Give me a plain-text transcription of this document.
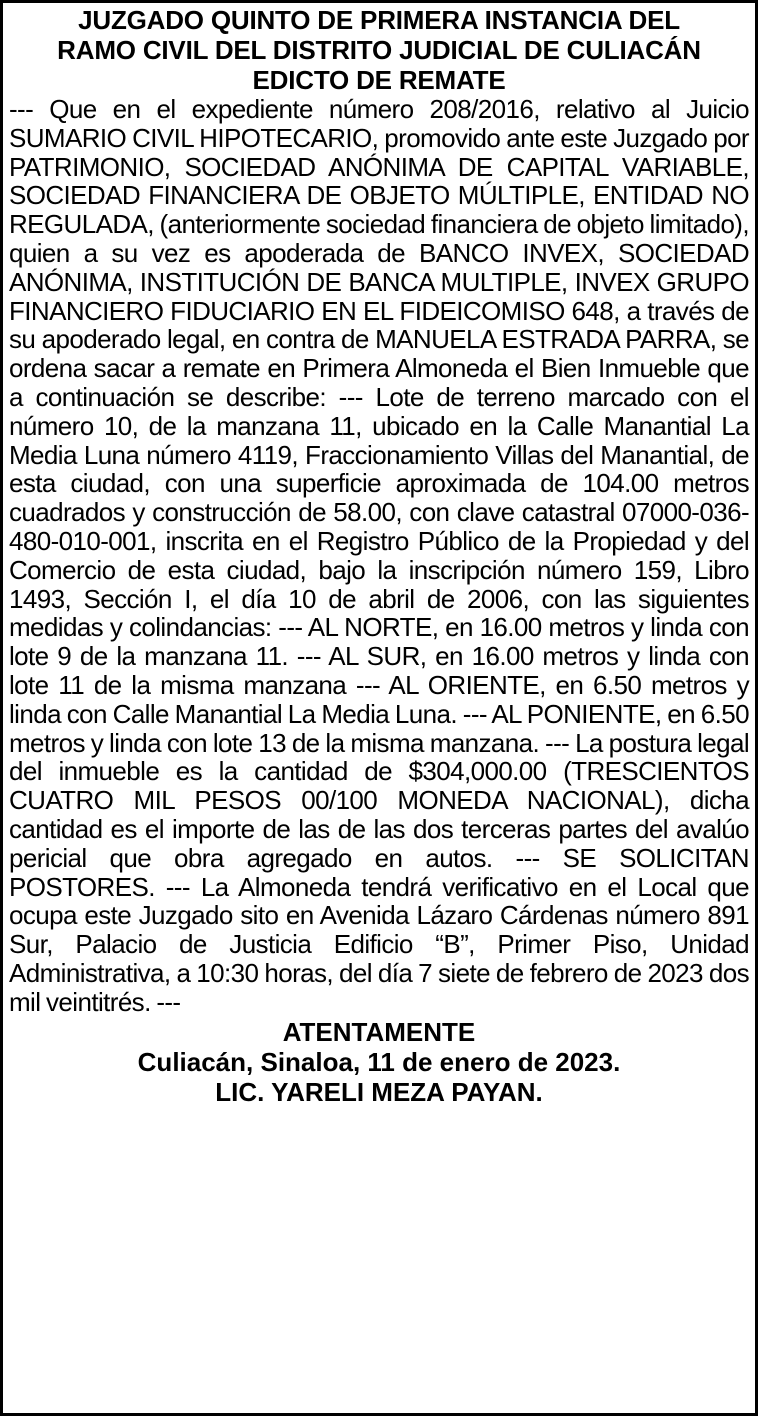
JUZGADO QUINTO DE PRIMERA INSTANCIA DEL

RAMO CIVIL DEL DISTRITO JUDICIAL DE CULIACÁN

EDICTO DE REMATE

--- Que en el expediente número 208/2016, relativo al Juicio SUMARIO CIVIL HIPOTECARIO, promovido ante este Juzgado por PATRIMONIO, SOCIEDAD ANÓNIMA DE CAPITAL VARIABLE, SOCIEDAD FINANCIERA DE OBJETO MÚLTIPLE, ENTIDAD NO REGULADA, (anteriormente sociedad financiera de objeto limitado), quien a su vez es apoderada de BANCO INVEX, SOCIEDAD ANÓNIMA, INSTITUCIÓN DE BANCA MULTIPLE, INVEX GRUPO FINANCIERO FIDUCIARIO EN EL FIDEICOMISO 648, a través de su apoderado legal, en contra de MANUELA ESTRADA PARRA, se ordena sacar a remate en Primera Almoneda el Bien Inmueble que a continuación se describe: --- Lote de terreno marcado con el número 10, de la manzana 11, ubicado en la Calle Manantial La Media Luna número 4119, Fraccionamiento Villas del Manantial, de esta ciudad, con una superficie aproximada de 104.00 metros cuadrados y construcción de 58.00, con clave catastral 07000-036-480-010-001, inscrita en el Registro Público de la Propiedad y del Comercio de esta ciudad, bajo la inscripción número 159, Libro 1493, Sección I, el día 10 de abril de 2006, con las siguientes medidas y colindancias: --- AL NORTE, en 16.00 metros y linda con lote 9 de la manzana 11. --- AL SUR, en 16.00 metros y linda con lote 11 de la misma manzana --- AL ORIENTE, en 6.50 metros y linda con Calle Manantial La Media Luna. --- AL PONIENTE, en 6.50 metros y linda con lote 13 de la misma manzana. --- La postura legal del inmueble es la cantidad de $304,000.00 (TRESCIENTOS CUATRO MIL PESOS 00/100 MONEDA NACIONAL), dicha cantidad es el importe de las de las dos terceras partes del avalúo pericial que obra agregado en autos. --- SE SOLICITAN POSTORES. --- La Almoneda tendrá verificativo en el Local que ocupa este Juzgado sito en Avenida Lázaro Cárdenas número 891 Sur, Palacio de Justicia Edificio “B”, Primer Piso, Unidad Administrativa, a 10:30 horas, del día 7 siete de febrero de 2023 dos mil veintitrés. ---

ATENTAMENTE

Culiacán, Sinaloa, 11 de enero de 2023.

LIC. YARELI MEZA PAYAN.
